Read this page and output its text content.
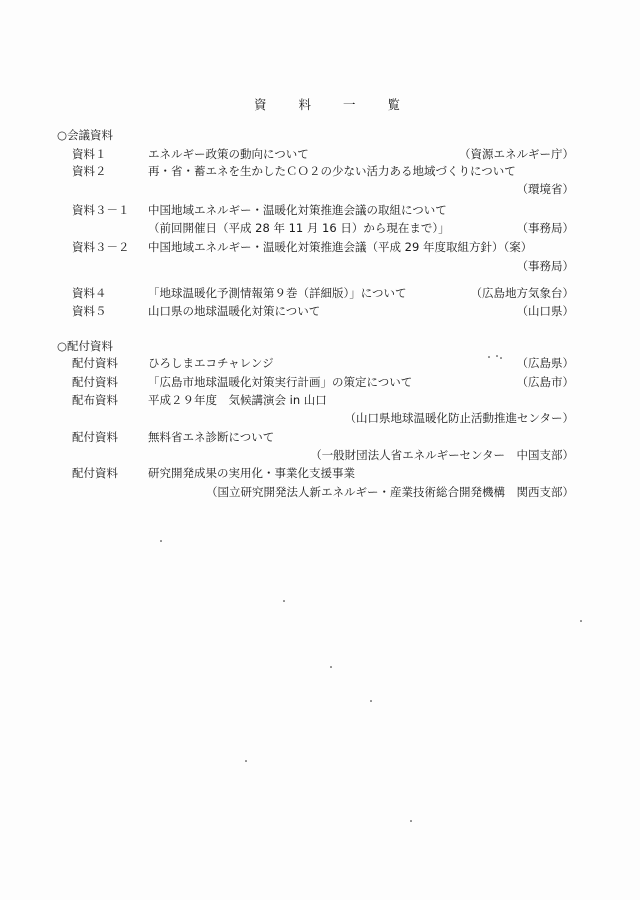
資 料 一 覧
○会議資料
資料１	エネルギー政策の動向について	（資源エネルギー庁）
資料２	再・省・蓄エネを生かしたＣＯ２の少ない活力ある地域づくりについて
（環境省）
資料３－１ 中国地域エネルギー・温暖化対策推進会議の取組について
（前回開催日（平成 28 年 11 月 16 日）から現在まで）」	（事務局）
資料３－２ 中国地域エネルギー・温暖化対策推進会議（平成 29 年度取組方針）（案）
（事務局）
資料４	「地球温暖化予測情報第９巻（詳細版）」について	（広島地方気象台）
資料５	山口県の地球温暖化対策について	（山口県）
○配付資料
配付資料	ひろしまエコチャレンジ	（広島県）
配付資料	「広島市地球温暖化対策実行計画」の策定について	（広島市）
配布資料	平成２９年度　気候講演会 in 山口
（山口県地球温暖化防止活動推進センター）
配付資料	無料省エネ診断について
（一般財団法人省エネルギーセンター　中国支部）
配付資料	研究開発成果の実用化・事業化支援事業
（国立研究開発法人新エネルギー・産業技術総合開発機構　関西支部）
